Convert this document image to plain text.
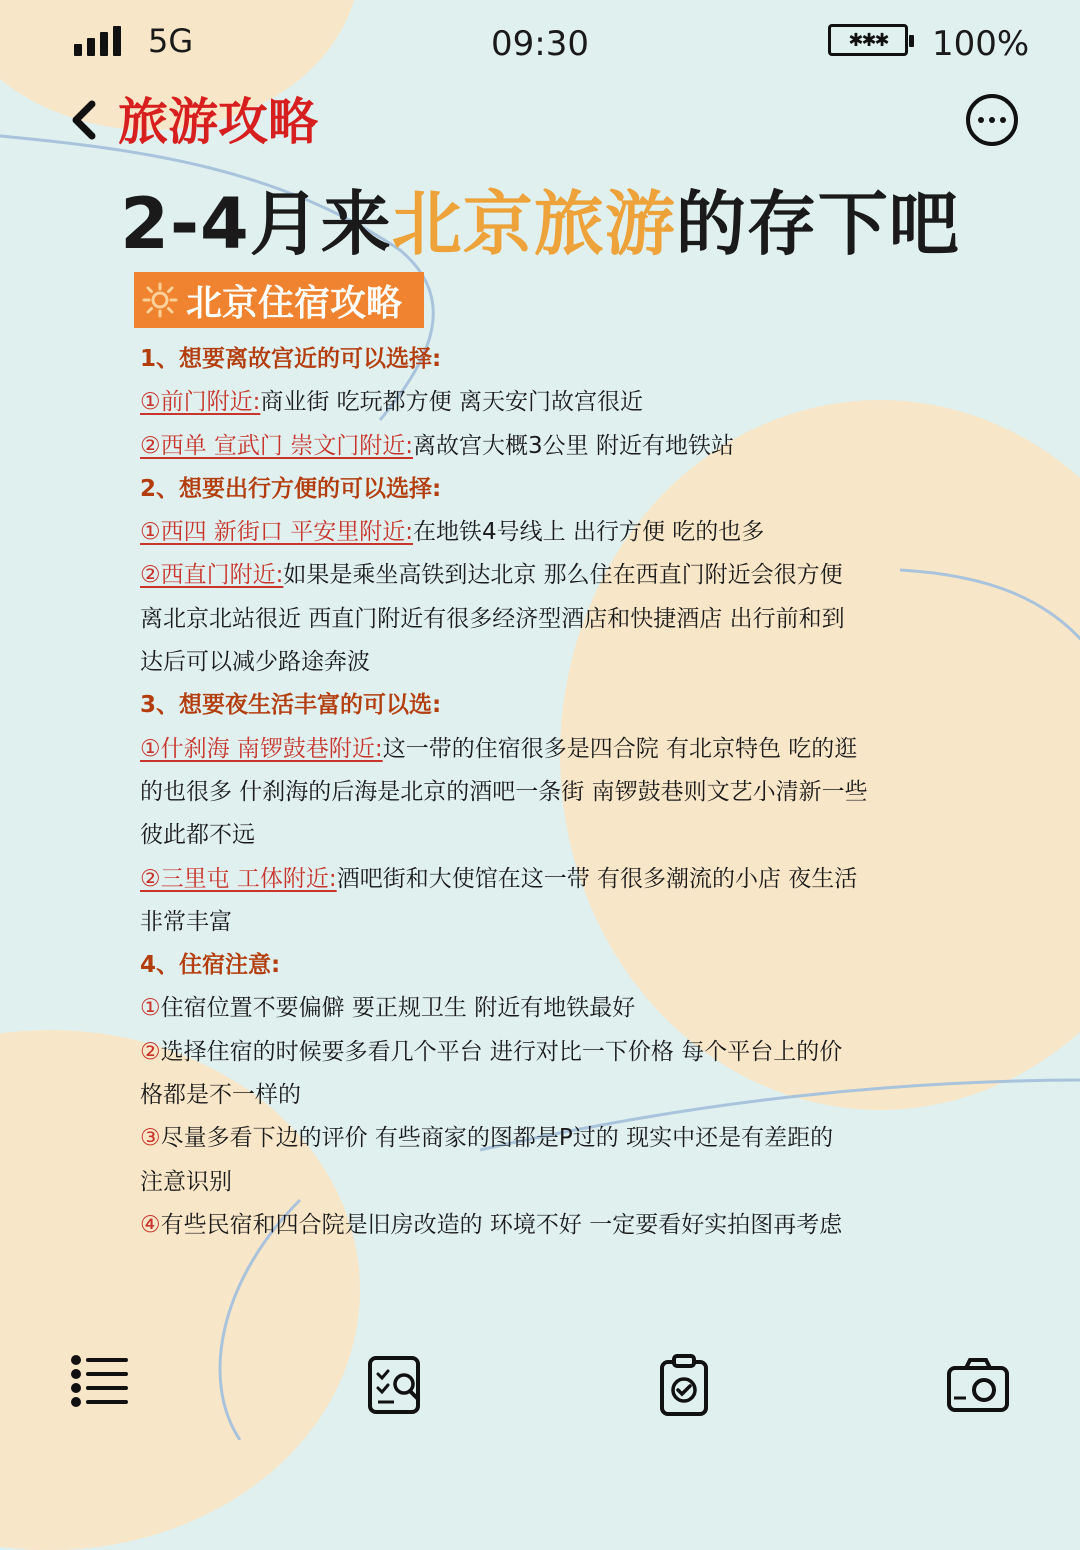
5G	09:30	✱✱✱	100%
旅游攻略
2-4月来北京旅游的存下吧
北京住宿攻略
1、想要离故宫近的可以选择:
①前门附近:商业街 吃玩都方便 离天安门故宫很近
②西单 宣武门 崇文门附近:离故宫大概3公里 附近有地铁站
2、想要出行方便的可以选择:
①西四 新街口 平安里附近:在地铁4号线上 出行方便 吃的也多
②西直门附近:如果是乘坐高铁到达北京 那么住在西直门附近会很方便
离北京北站很近 西直门附近有很多经济型酒店和快捷酒店 出行前和到
达后可以减少路途奔波
3、想要夜生活丰富的可以选:
①什刹海 南锣鼓巷附近:这一带的住宿很多是四合院 有北京特色 吃的逛
的也很多 什刹海的后海是北京的酒吧一条街 南锣鼓巷则文艺小清新一些
彼此都不远
②三里屯 工体附近:酒吧街和大使馆在这一带 有很多潮流的小店 夜生活
非常丰富
4、住宿注意:
①住宿位置不要偏僻 要正规卫生 附近有地铁最好
②选择住宿的时候要多看几个平台 进行对比一下价格 每个平台上的价
格都是不一样的
③尽量多看下边的评价 有些商家的图都是P过的 现实中还是有差距的
注意识别
④有些民宿和四合院是旧房改造的 环境不好 一定要看好实拍图再考虑
